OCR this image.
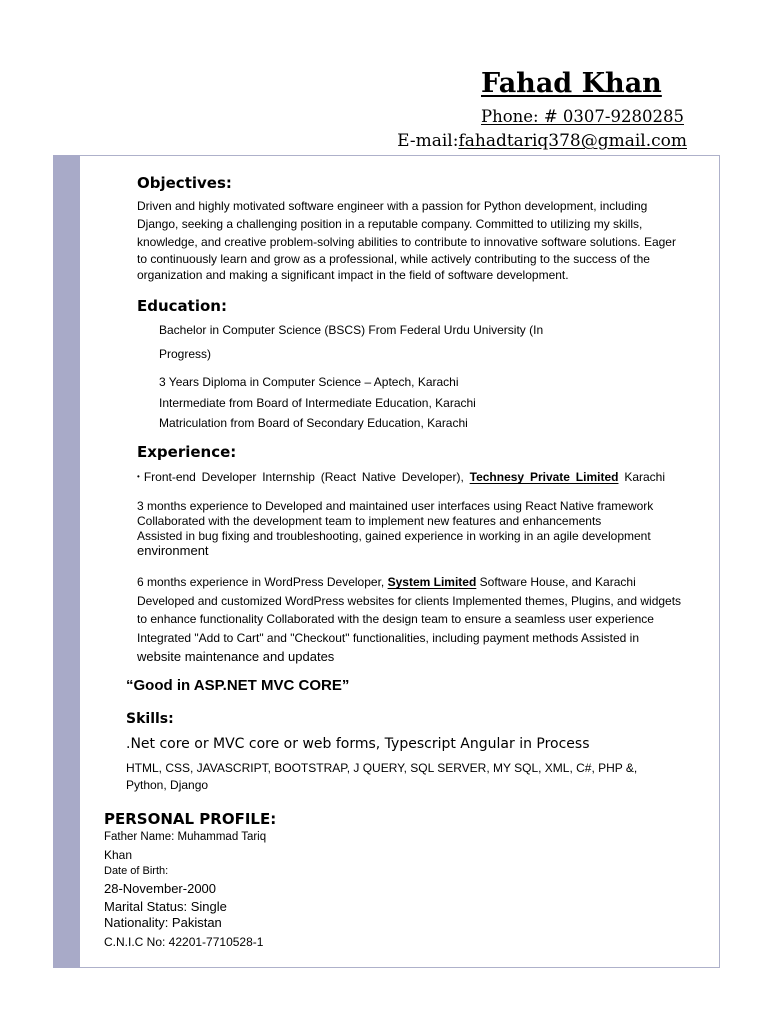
Fahad Khan
Phone: # 0307-9280285
E-mail:fahadtariq378@gmail.com
Objectives:
Driven and highly motivated software engineer with a passion for Python development, including
Django, seeking a challenging position in a reputable company. Committed to utilizing my skills,
knowledge, and creative problem-solving abilities to contribute to innovative software solutions. Eager
to continuously learn and grow as a professional, while actively contributing to the success of the
organization and making a significant impact in the field of software development.
Education:
Bachelor in Computer Science (BSCS) From Federal Urdu University (In
Progress)
3 Years Diploma in Computer Science – Aptech, Karachi
Intermediate from Board of Intermediate Education, Karachi
Matriculation from Board of Secondary Education, Karachi
Experience:
• Front-end Developer Internship (React Native Developer), Technesy Private Limited Karachi
3 months experience to Developed and maintained user interfaces using React Native framework
Collaborated with the development team to implement new features and enhancements
Assisted in bug fixing and troubleshooting, gained experience in working in an agile development
environment
6 months experience in WordPress Developer, System Limited Software House, and Karachi
Developed and customized WordPress websites for clients Implemented themes, Plugins, and widgets
to enhance functionality Collaborated with the design team to ensure a seamless user experience
Integrated "Add to Cart" and "Checkout" functionalities, including payment methods Assisted in
website maintenance and updates
“Good in ASP.NET MVC CORE”
Skills:
.Net core or MVC core or web forms, Typescript Angular in Process
HTML, CSS, JAVASCRIPT, BOOTSTRAP, J QUERY, SQL SERVER, MY SQL, XML, C#, PHP &,
Python, Django
PERSONAL PROFILE:
Father Name: Muhammad Tariq
Khan
Date of Birth:
28-November-2000
Marital Status: Single
Nationality: Pakistan
C.N.I.C No: 42201-7710528-1
